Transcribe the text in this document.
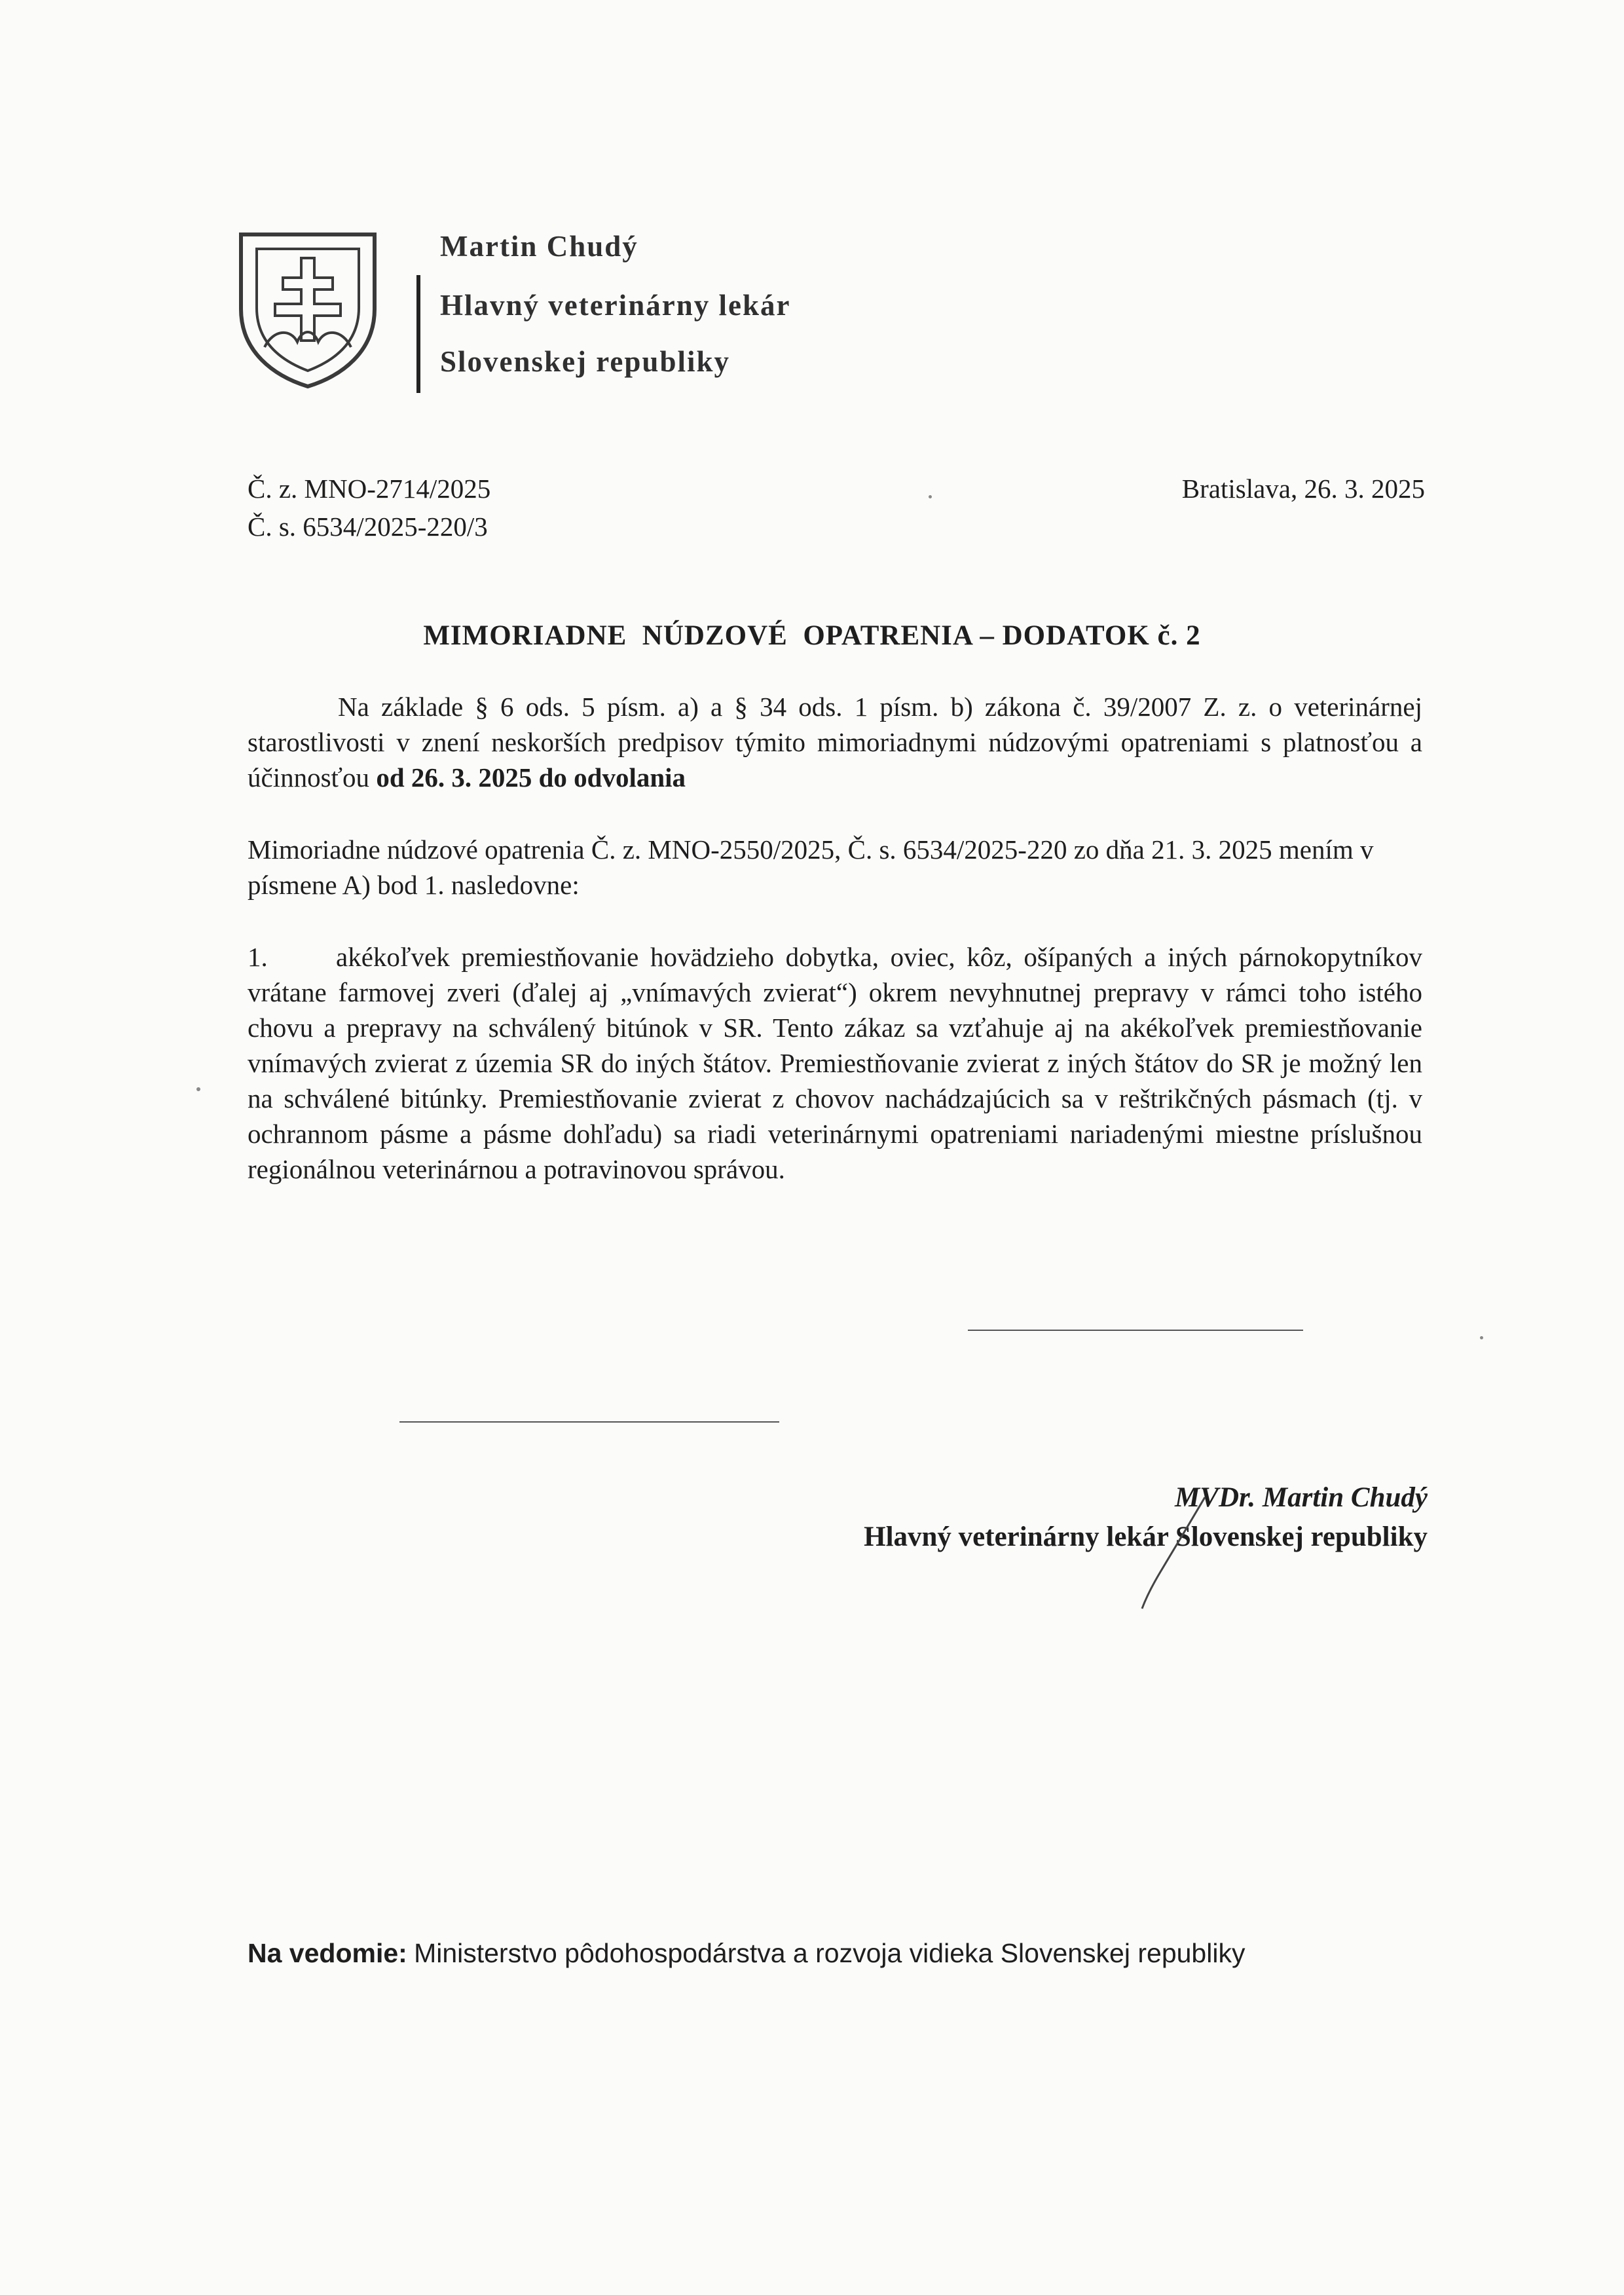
Martin Chudý
Hlavný veterinárny lekár
Slovenskej republiky
Č. z. MNO-2714/2025
Č. s. 6534/2025-220/3
Bratislava, 26. 3. 2025
MIMORIADNE  NÚDZOVÉ  OPATRENIA – DODATOK č. 2
Na základe § 6 ods. 5 písm. a) a § 34 ods. 1 písm. b) zákona č. 39/2007 Z. z. o veterinárnej starostlivosti v znení neskorších predpisov týmito mimoriadnymi núdzovými opatreniami s platnosťou a účinnosťou od 26. 3. 2025 do odvolania
Mimoriadne núdzové opatrenia Č. z. MNO-2550/2025, Č. s. 6534/2025-220 zo dňa 21. 3. 2025 mením v písmene A) bod 1. nasledovne:
1.	akékoľvek premiestňovanie hovädzieho dobytka, oviec, kôz, ošípaných a iných párnokopytníkov vrátane farmovej zveri (ďalej aj „vnímavých zvierat“) okrem nevyhnutnej prepravy v rámci toho istého chovu a prepravy na schválený bitúnok v SR. Tento zákaz sa vzťahuje aj na akékoľvek premiestňovanie vnímavých zvierat z územia SR do iných štátov. Premiestňovanie zvierat z iných štátov do SR je možný len na schválené bitúnky. Premiestňovanie zvierat z chovov nachádzajúcich sa v reštrikčných pásmach (tj. v ochrannom pásme a pásme dohľadu) sa riadi veterinárnymi opatreniami nariadenými miestne príslušnou regionálnou veterinárnou a potravinovou správou.
MVDr. Martin Chudý
Hlavný veterinárny lekár Slovenskej republiky
Na vedomie: Ministerstvo pôdohospodárstva a rozvoja vidieka Slovenskej republiky
